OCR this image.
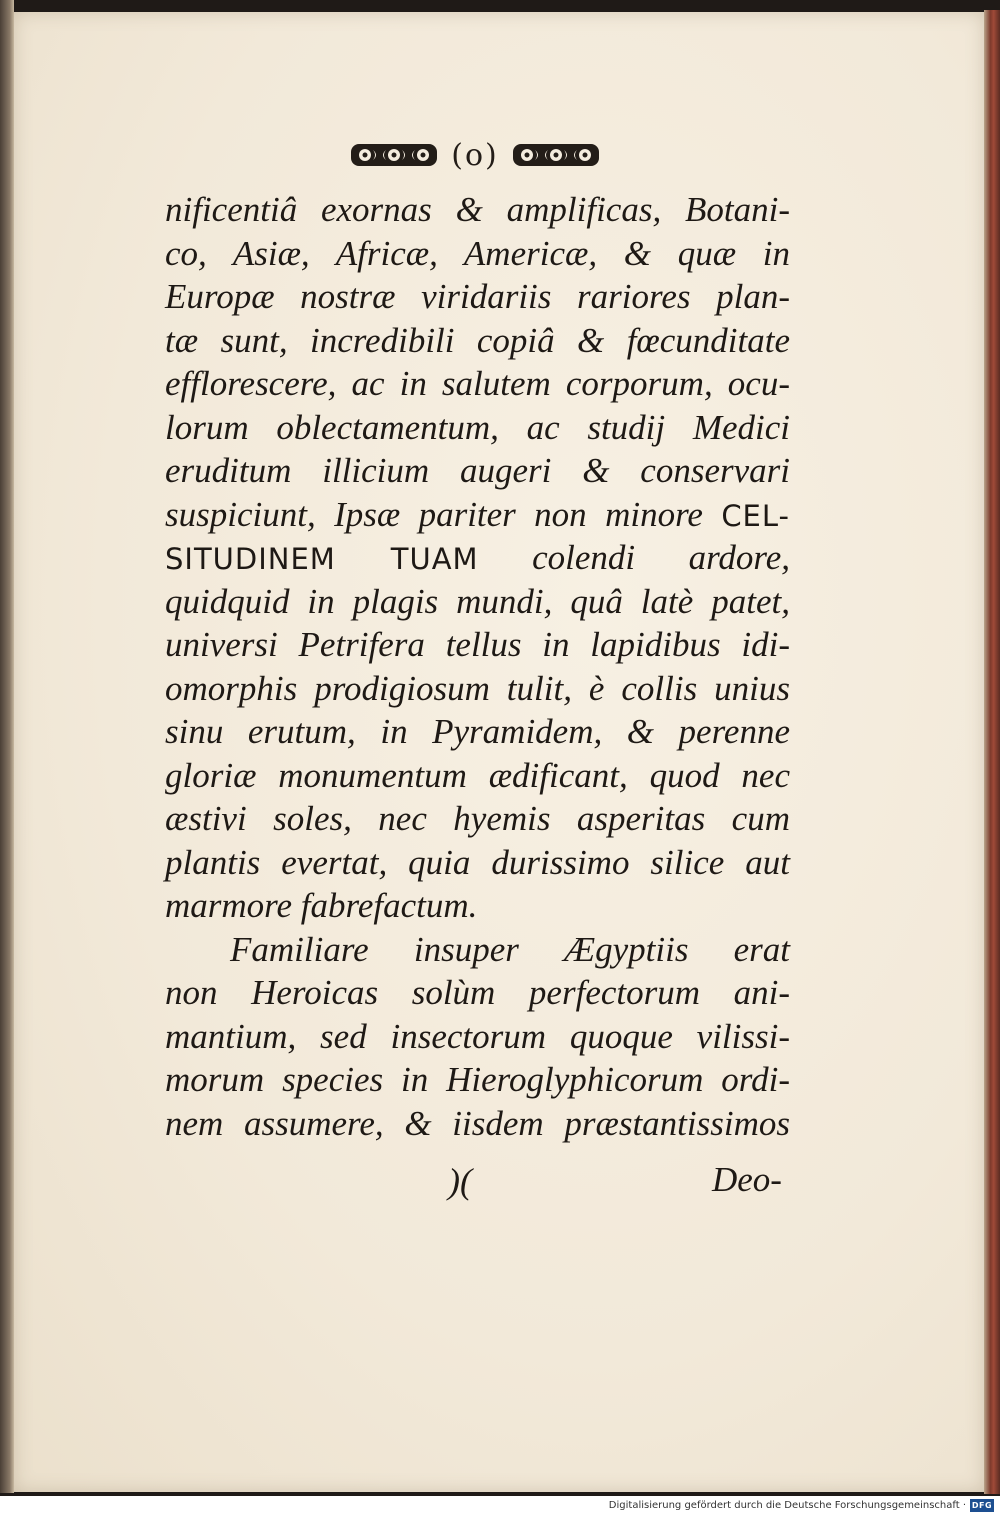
(o)
nificentiâ exornas & amplificas, Botani-
co, Asiæ, Africæ, Americæ, & quæ in
Europæ nostræ viridariis rariores plan-
tæ sunt, incredibili copiâ & fœcunditate
efflorescere, ac in salutem corporum, ocu-
lorum oblectamentum, ac studij Medici
eruditum illicium augeri & conservari
suspiciunt, Ipsæ pariter non minore CEL-
SITUDINEM TUAM colendi ardore,
quidquid in plagis mundi, quâ latè patet,
universi Petrifera tellus in lapidibus idi-
omorphis prodigiosum tulit, è collis unius
sinu erutum, in Pyramidem, & perenne
gloriæ monumentum ædificant, quod nec
æstivi soles, nec hyemis asperitas cum
plantis evertat, quia durissimo silice aut
marmore fabrefactum.
Familiare insuper Ægyptiis erat
non Heroicas solùm perfectorum ani-
mantium, sed insectorum quoque vilissi-
morum species in Hieroglyphicorum ordi-
nem assumere, & iisdem præstantissimos
)(	Deo-
Digitalisierung gefördert durch die Deutsche Forschungsgemeinschaft · DFG
